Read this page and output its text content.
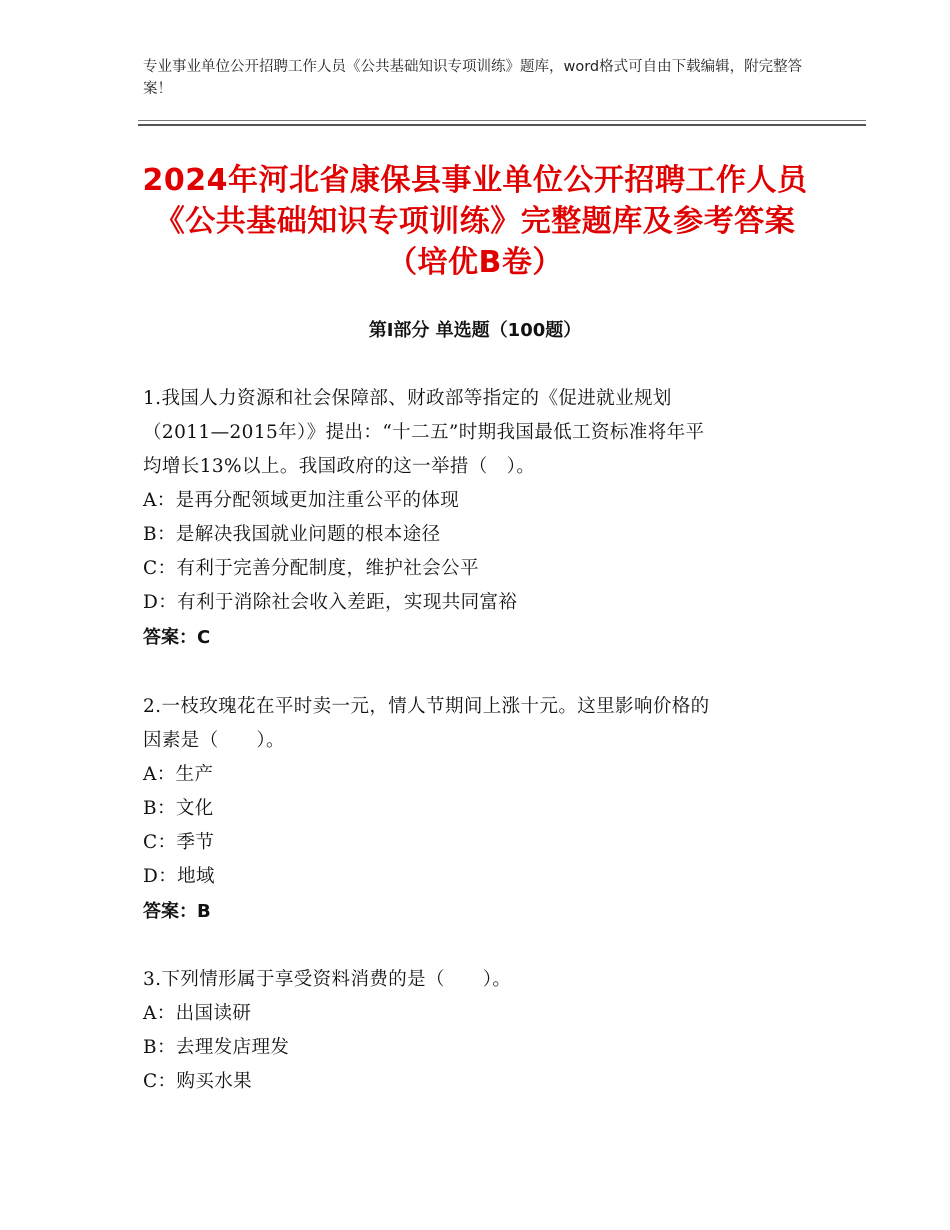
专业事业单位公开招聘工作人员《公共基础知识专项训练》题库，word格式可自由下载编辑，附完整答案！
2024年河北省康保县事业单位公开招聘工作人员《公共基础知识专项训练》完整题库及参考答案（培优B卷）
第Ⅰ部分 单选题（100题）
1.我国人力资源和社会保障部、财政部等指定的《促进就业规划
（2011—2015年）》提出：“十二五”时期我国最低工资标准将年平
均增长13%以上。我国政府的这一举措（　）。
A：是再分配领域更加注重公平的体现
B：是解决我国就业问题的根本途径
C：有利于完善分配制度，维护社会公平
D：有利于消除社会收入差距，实现共同富裕
答案：C
2.一枝玫瑰花在平时卖一元，情人节期间上涨十元。这里影响价格的
因素是（　　）。
A：生产
B：文化
C：季节
D：地域
答案：B
3.下列情形属于享受资料消费的是（　　）。
A：出国读研
B：去理发店理发
C：购买水果
